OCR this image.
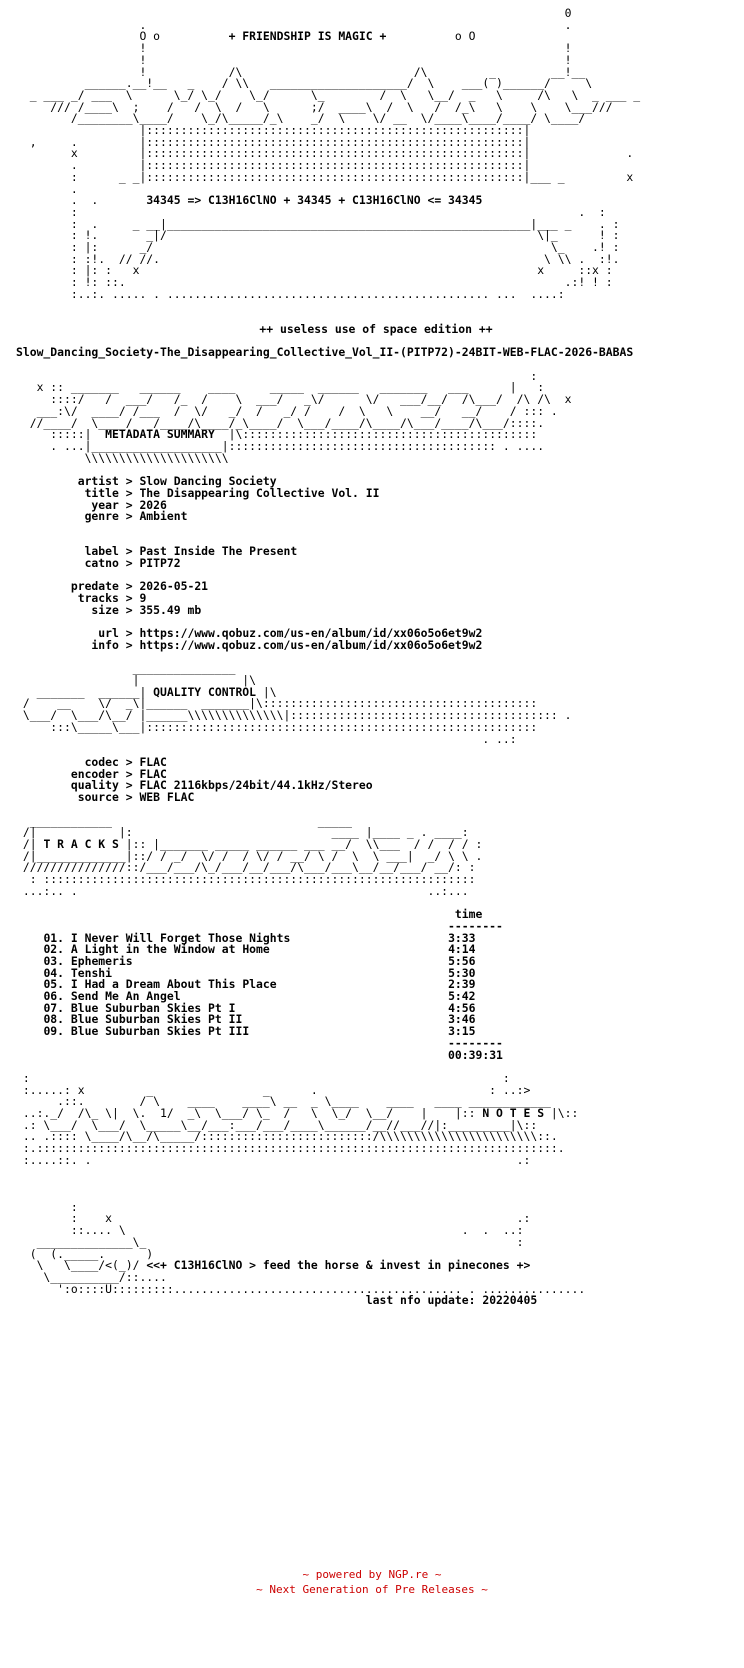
0
.                                                             .
O o	+ FRIENDSHIP IS MAGIC +	o O
!                                                             !
!                                                             !
!            /\                         /\         _        __!__
______.__!__   _    / \\   ____________________/  \    ___( )______/     \
_ ___ _/ ___  \      \_/ \_/    \_/      \_        /  \   \__/  _   \     /\   \  _ ___ _
/// /____\  ;    /   /  \  /   \      ;/  ____\  /  \   /  /_\   \    \    \___///
/________\____/    \_/\_____/_\    _/  \    \/ __  \/____\____/____/ \____/
|:::::::::::::::::::::::::::::::::::::::::::::::::::::::|
,     .         |:::::::::::::::::::::::::::::::::::::::::::::::::::::::|
x         |:::::::::::::::::::::::::::::::::::::::::::::::::::::::|              .
.         |:::::::::::::::::::::::::::::::::::::::::::::::::::::::|
:      _ _|:::::::::::::::::::::::::::::::::::::::::::::::::::::::|___ _         x
.
.  .	34345 => C13H16ClNO + 34345 + C13H16ClNO <= 34345
:                                                                         .  :
:  .     _ __|_____________________________________________________|___ _    . :
: !.       _|/                                                      \|_      ! :
: |:      _/                                                          \_    .! :
: :!.  // //.                                                        \ \\ .  :!.
: |: :   x                                                          x     ::x :
: !: ::.                                                                .:! ! :
:..:. ..... . ............................................... ...  ....:

++ useless use of space edition ++
Slow_Dancing_Society-The_Disappearing_Collective_Vol_II-(PITP72)-24BIT-WEB-FLAC-2026-BABAS

:
x :: _______   ______    ____     _____  ______   _______   ___      |   :
::::/   /  ___/   /_  /    \  ___/   _\/      \/   ___/__/  /\___/  /\ /\  x
___:\/  ____/ /___  /  \/   _/  /   _/ /    /  \   \    __/   __/    / ::: .
//____/  \____/   /____/\____/_\____/  \___/____/\____/\___/____/\___/::::.
:::::|  METADATA SUMMARY  |\:::::::::::::::::::::::::::::::::::::::::::
. ...|___________________|::::::::::::::::::::::::::::::::::::::: . ....
\\\\\\\\\\\\\\\\\\\\\

artist > Slow Dancing Society
title > The Disappearing Collective Vol. II
year > 2026
genre > Ambient

label > Past Inside The Present
catno > PITP72

predate > 2026-05-21
tracks > 9
size > 355.49 mb

url > https://www.qobuz.com/us-en/album/id/xx06o5o6et9w2
info > https://www.qobuz.com/us-en/album/id/xx06o5o6et9w2

_______________
|               |\
_______  ______| QUALITY CONTROL |\
/    __    \/  _\|______  _______|\::::::::::::::::::::::::::::::::::::::::
\___/  \___/\__/ |______\\\\\\\\\\\\\\|::::::::::::::::::::::::::::::::::::::: .
:::\_____\___|:::::::::::::::::::::::::::::::::::::::::::::::::::::::::
. ..:

codec > FLAC
encoder > FLAC
quality > FLAC 2116kbps/24bit/44.1kHz/Stereo
source > WEB FLAC

____________                              _____
/|            |:                             ____ |____ _ . ____:
/| T R A C K S |:: |_______ _____ ______ ___ __/  \\___  / /  / / :
/|_____________|::/ / _/  \/ /  / \/ / __/ \ /  \  \ ___|  _/ \ \ .
///////////////::/___/___/\_/___/__/___/\___/___\__/__/___/ __/: :
: :::::::::::::::::::::::::::::::::::::::::::::::::::::::::::::::
...:.. .                                                   ..:...

time
--------
01. I Never Will Forget Those Nights	3:33
02. A Light in the Window at Home	4:14
03. Ephemeris	5:56
04. Tenshi	5:30
05. I Had a Dream About This Place	2:39
06. Send Me An Angel	5:42
07. Blue Suburban Skies Pt I	4:56
08. Blue Suburban Skies Pt II	3:46
09. Blue Suburban Skies Pt III	3:15
--------
00:39:31

:                                                                     :
:.....: x         _                _      .                         : ..:>
.::.        / \    ____    ____\ __  _ \____    ____   ____ ____________
..:._/  /\_ \|  \.  1/  _\  \___/ \_  /   \  \_/  \__/    |    |:: N O T E S |\::
.: \___/  \___/  \_____\__/___:___/___/____\______/__//___//|:_________|\::
.. .:::: \____/\__/\_____/:::::::::::::::::::::::::/\\\\\\\\\\\\\\\\\\\\\\\::.
:.::::::::::::::::::::::::::::::::::::::::::::::::::::::::::::::::::::::::::::.
:....::. .                                                              .:

:
:    x                                                           .:
::.... \                                                 .  .  ..:
______________\_                                                      :
(  (._____.      )
\   \____/<(_)/ <<+ C13H16ClNO > feed the horse & invest in pinecones +>
\__________/::....
':o::::U:::::::::.......................................... . ...............
last nfo update: 20220405
~ powered by NGP.re ~
~ Next Generation of Pre Releases ~
